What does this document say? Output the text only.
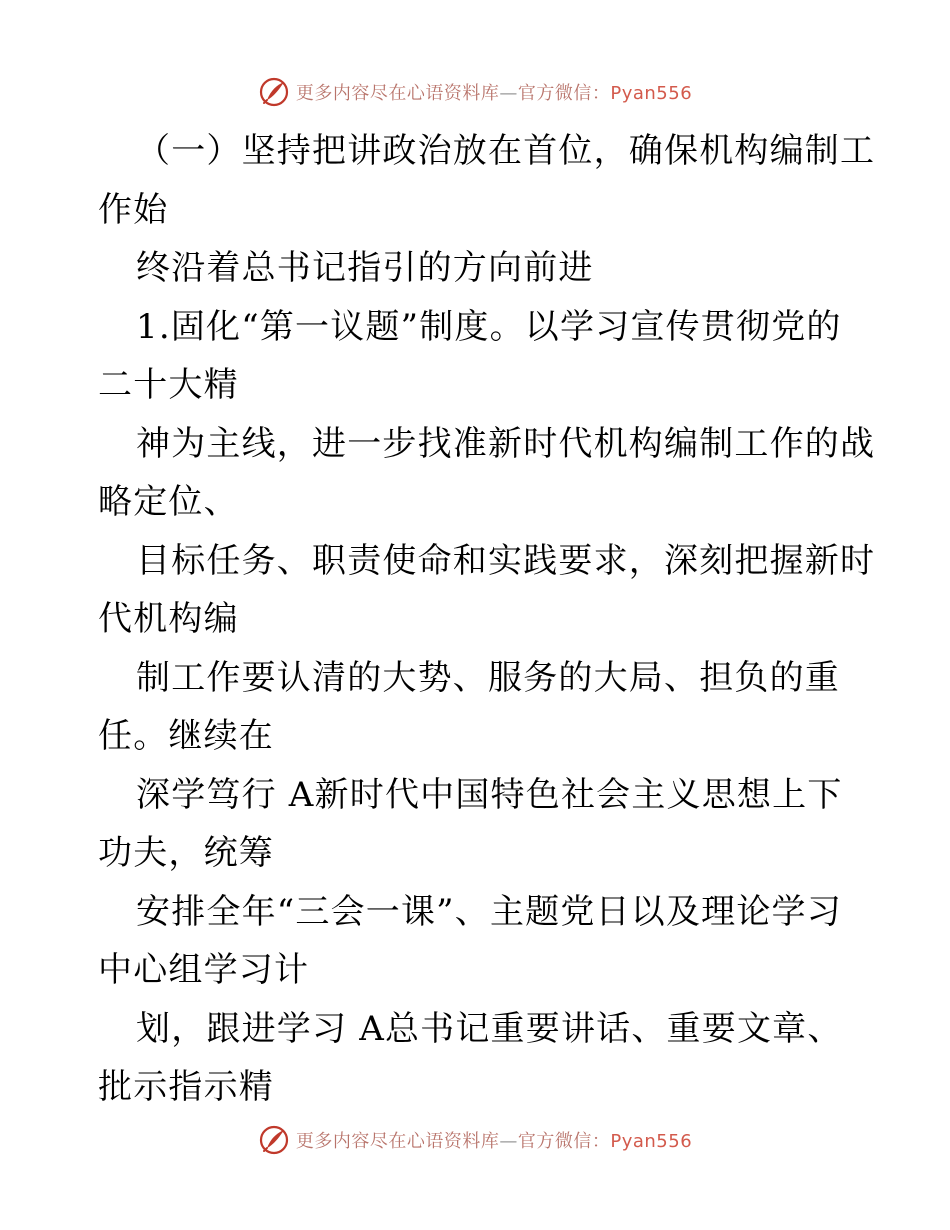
更多内容尽在心语资料库—官方微信：Pyan556
（一）坚持把讲政治放在首位，确保机构编制工
作始
终沿着总书记指引的方向前进
1.固化“第一议题”制度。以学习宣传贯彻党的
二十大精
神为主线，进一步找准新时代机构编制工作的战
略定位、
目标任务、职责使命和实践要求，深刻把握新时
代机构编
制工作要认清的大势、服务的大局、担负的重
任。继续在
深学笃行 A新时代中国特色社会主义思想上下
功夫，统筹
安排全年“三会一课”、主题党日以及理论学习
中心组学习计
划，跟进学习 A总书记重要讲话、重要文章、
批示指示精
更多内容尽在心语资料库—官方微信：Pyan556
